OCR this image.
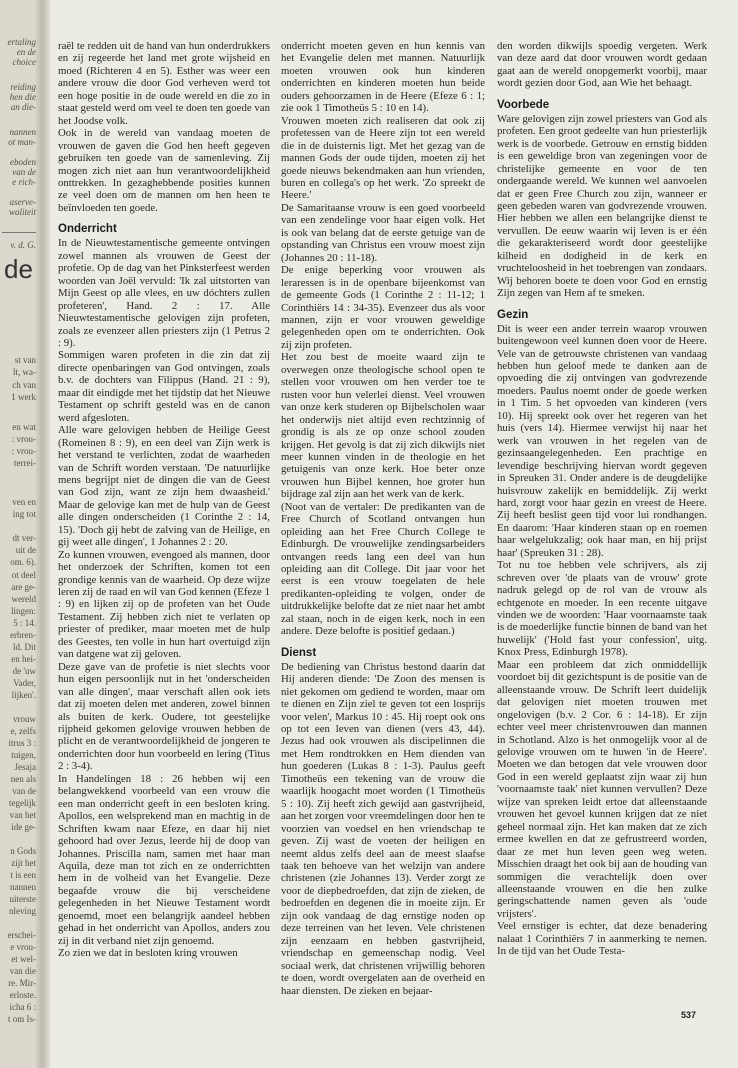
ertaling
en de
choice
reiding
hen die
an die-
nannen
ot man-
eboden
van de
e rich-
aserve-
waliteit
v. d. G.
de
st van
lt, wa-
ch van
1 werk
en wat
: vrou-
: vrou-
terrei-
ven en
ing tot
dt ver-
uit de
om. 6).
ot deel
are ge-
wereld
lingen:
5 : 14.
erbren-
ld. Dit
en hei-
de 'uw
Vader,
lijken'.
vrouw
e, zelfs
itrus 3 :
tuigen,
Jesaja
nen als
van de
tegelijk
van het
ide ge-
n Gods
zijt het
t is een
nannen
uiterste
nleving
erschei-
e vrou-
et wel-
van die
re. Mir-
erloste.
icha 6 :
t om Is-

raël te redden uit de hand van hun onderdrukkers en zij regeerde het land met grote wijsheid en moed (Richteren 4 en 5). Esther was weer een andere vrouw die door God verheven werd tot een hoge positie in de oude wereld en die zo in staat gesteld werd om veel te doen ten goede van het Joodse volk.

Ook in de wereld van vandaag moeten de vrouwen de gaven die God hen heeft gegeven gebruiken ten goede van de samenleving. Zij mogen zich niet aan hun verantwoordelijkheid onttrekken. In gezaghebbende posities kunnen ze veel doen om de mannen om hen heen te beïnvloeden ten goede.

Onderricht

In de Nieuwtestamentische gemeente ontvingen zowel mannen als vrouwen de Geest der profetie. Op de dag van het Pinksterfeest werden woorden van Joël vervuld: 'Ik zal uitstorten van Mijn Geest op alle vlees, en uw dóchters zullen profeteren', Hand. 2 : 17. Alle Nieuwtestamentische gelovigen zijn profeten, zoals ze evenzeer allen priesters zijn (1 Petrus 2 : 9).

Sommigen waren profeten in die zin dat zij directe openbaringen van God ontvingen, zoals b.v. de dochters van Filippus (Hand. 21 : 9), maar dit eindigde met het tijdstip dat het Nieuwe Testament op schrift gesteld was en de canon werd afgesloten.

Alle ware gelovigen hebben de Heilige Geest (Romeinen 8 : 9), en een deel van Zijn werk is het verstand te verlichten, zodat de waarheden van de Schrift worden verstaan. 'De natuurlijke mens begrijpt niet de dingen die van de Geest van God zijn, want ze zijn hem dwaasheid.' Maar de gelovige kan met de hulp van de Geest alle dingen onderscheiden (1 Corinthe 2 : 14, 15). 'Doch gij hebt de zalving van de Heilige, en gij weet alle dingen', 1 Johannes 2 : 20.

Zo kunnen vrouwen, evengoed als mannen, door het onderzoek der Schriften, komen tot een grondige kennis van de waarheid. Op deze wijze leren zij de raad en wil van God kennen (Efeze 1 : 9) en lijken zij op de profeten van het Oude Testament. Zij hebben zich niet te verlaten op priester of prediker, maar moeten met de hulp des Geestes, ten volle in hun hart overtuigd zijn van datgene wat zij geloven.

Deze gave van de profetie is niet slechts voor hun eigen persoonlijk nut in het 'onderscheiden van alle dingen', maar verschaft allen ook iets dat zij moeten delen met anderen, zowel binnen als buiten de kerk. Oudere, tot geestelijke rijpheid gekomen gelovige vrouwen hebben de plicht en de verantwoordelijkheid de jongeren te onderrichten door hun voorbeeld en lering (Titus 2 : 3-4).

In Handelingen 18 : 26 hebben wij een belangwekkend voorbeeld van een vrouw die een man onderricht geeft in een besloten kring. Apollos, een welsprekend man en machtig in de Schriften kwam naar Efeze, en daar hij niet gehoord had over Jezus, leerde hij de doop van Johannes. Priscilla nam, samen met haar man Aquila, deze man tot zich en ze onderrichtten hem in de volheid van het Evangelie. Deze begaafde vrouw die bij verscheidene gelegenheden in het Nieuwe Testament wordt genoemd, moet een belangrijk aandeel hebben gehad in het onderricht van Apollos, anders zou zij in dit verband niet zijn genoemd.

Zo zien we dat in besloten kring vrouwen

onderricht moeten geven en hun kennis van het Evangelie delen met mannen. Natuurlijk moeten vrouwen ook hun kinderen onderrichten en kinderen moeten hun beide ouders gehoorzamen in de Heere (Efeze 6 : 1; zie ook 1 Timotheüs 5 : 10 en 14).

Vrouwen moeten zich realiseren dat ook zij profetessen van de Heere zijn tot een wereld die in de duisternis ligt. Met het gezag van de mannen Gods der oude tijden, moeten zij het goede nieuws bekendmaken aan hun vrienden, buren en collega's op het werk. 'Zo spreekt de Heere.'

De Samaritaanse vrouw is een goed voorbeeld van een zendelinge voor haar eigen volk. Het is ook van belang dat de eerste getuige van de opstanding van Christus een vrouw moest zijn (Johannes 20 : 11-18).

De enige beperking voor vrouwen als leraressen is in de openbare bijeenkomst van de gemeente Gods (1 Corinthe 2 : 11-12; 1 Corinthiërs 14 : 34-35). Evenzeer dus als voor mannen, zijn er voor vrouwen geweldige gelegenheden open om te onderrichten. Ook zij zijn profeten.

Het zou best de moeite waard zijn te overwegen onze theologische school open te stellen voor vrouwen om hen verder toe te rusten voor hun velerlei dienst. Veel vrouwen van onze kerk studeren op Bijbelscholen waar het onderwijs niet altijd even rechtzinnig of grondig is als ze op onze school zouden krijgen. Het gevolg is dat zij zich dikwijls niet meer kunnen vinden in de theologie en het getuigenis van onze kerk. Hoe beter onze vrouwen hun Bijbel kennen, hoe groter hun bijdrage zal zijn aan het werk van de kerk.

(Noot van de vertaler: De predikanten van de Free Church of Scotland ontvangen hun opleiding aan het Free Church College te Edinburgh. De vrouwelijke zendingsarbeiders ontvangen reeds lang een deel van hun opleiding aan dit College. Dit jaar voor het eerst is een vrouw toegelaten de hele predikanten-opleiding te volgen, onder de uitdrukkelijke belofte dat ze niet naar het ambt zal staan, noch in de eigen kerk, noch in een andere. Deze belofte is positief gedaan.)

Dienst

De bediening van Christus bestond daarin dat Hij anderen diende: 'De Zoon des mensen is niet gekomen om gediend te worden, maar om te dienen en Zijn ziel te geven tot een losprijs voor velen', Markus 10 : 45. Hij roept ook ons op tot een leven van dienen (vers 43, 44). Jezus had ook vrouwen als discipelinnen die met Hem rondtrokken en Hem dienden van hun goederen (Lukas 8 : 1-3). Paulus geeft Timotheüs een tekening van de vrouw die waarlijk hoogacht moet worden (1 Timotheüs 5 : 10). Zij heeft zich gewijd aan gastvrijheid, aan het zorgen voor vreemdelingen door hen te voorzien van voedsel en hen vriendschap te geven. Zij wast de voeten der heiligen en neemt aldus zelfs deel aan de meest slaafse taak ten behoeve van het welzijn van andere christenen (zie Johannes 13). Verder zorgt ze voor de diepbedroefden, dat zijn de zieken, de bedroefden en degenen die in moeite zijn. Er zijn ook vandaag de dag ernstige noden op deze terreinen van het leven. Vele christenen zijn eenzaam en hebben gastvrijheid, vriendschap en gemeenschap nodig. Veel sociaal werk, dat christenen vrijwillig behoren te doen, wordt overgelaten aan de overheid en haar diensten. De zieken en bejaar-

den worden dikwijls spoedig vergeten. Werk van deze aard dat door vrouwen wordt gedaan gaat aan de wereld onopgemerkt voorbij, maar wordt gezien door God, aan Wie het behaagt.

Voorbede

Ware gelovigen zijn zowel priesters van God als profeten. Een groot gedeelte van hun priesterlijk werk is de voorbede. Getrouw en ernstig bidden is een geweldige bron van zegeningen voor de christelijke gemeente en voor de ten ondergaande wereld. We kunnen wel aanvoelen dat er geen Free Church zou zijn, wanneer er geen gebeden waren van godvrezende vrouwen. Hier hebben we allen een belangrijke dienst te vervullen. De eeuw waarin wij leven is er één die gekarakteriseerd wordt door geestelijke kilheid en dodigheid in de kerk en vruchteloosheid in het toebrengen van zondaars. Wij behoren boete te doen voor God en ernstig Zijn zegen van Hem af te smeken.

Gezin

Dit is weer een ander terrein waarop vrouwen buitengewoon veel kunnen doen voor de Heere. Vele van de getrouwste christenen van vandaag hebben hun geloof mede te danken aan de opvoeding die zij ontvingen van godvrezende moeders. Paulus noemt onder de goede werken in 1 Tim. 5 het opvoeden van kinderen (vers 10). Hij spreekt ook over het regeren van het huis (vers 14). Hiermee verwijst hij naar het werk van vrouwen in het regelen van de gezinsaangelegenheden. Een prachtige en levendige beschrijving hiervan wordt gegeven in Spreuken 31. Onder andere is de deugdelijke huisvrouw zakelijk en bemiddelijk. Zij werkt hard, zorgt voor haar gezin en vreest de Heere. Zij heeft beslist geen tijd voor lui rondhangen. En daarom: 'Haar kinderen staan op en roemen haar welgelukzalig; ook haar man, en hij prijst haar' (Spreuken 31 : 28).

Tot nu toe hebben vele schrijvers, als zij schreven over 'de plaats van de vrouw' grote nadruk gelegd op de rol van de vrouw als echtgenote en moeder. In een recente uitgave vinden we de woorden: 'Haar voornaamste taak is de moederlijke functie binnen de band van het huwelijk' ('Hold fast your confession', uitg. Knox Press, Edinburgh 1978).

Maar een probleem dat zich onmiddellijk voordoet bij dit gezichtspunt is de positie van de alleenstaande vrouw. De Schrift leert duidelijk dat gelovigen niet moeten trouwen met ongelovigen (b.v. 2 Cor. 6 : 14-18). Er zijn echter veel meer christenvrouwen dan mannen in Schotland. Alzo is het onmogelijk voor al de gelovige vrouwen om te huwen 'in de Heere'. Moeten we dan betogen dat vele vrouwen door God in een wereld geplaatst zijn waar zij hun 'voornaamste taak' niet kunnen vervullen? Deze wijze van spreken leidt ertoe dat alleenstaande vrouwen het gevoel kunnen krijgen dat ze niet geheel normaal zijn. Het kan maken dat ze zich ermee kwellen en dat ze gefrustreerd worden, daar ze met hun leven geen weg weten. Misschien draagt het ook bij aan de houding van sommigen die verachtelijk doen over alleenstaande vrouwen en die hen zulke geringschattende namen geven als 'oude vrijsters'.

Veel ernstiger is echter, dat deze benadering nalaat 1 Corinthiërs 7 in aanmerking te nemen. In de tijd van het Oude Testa-

537
